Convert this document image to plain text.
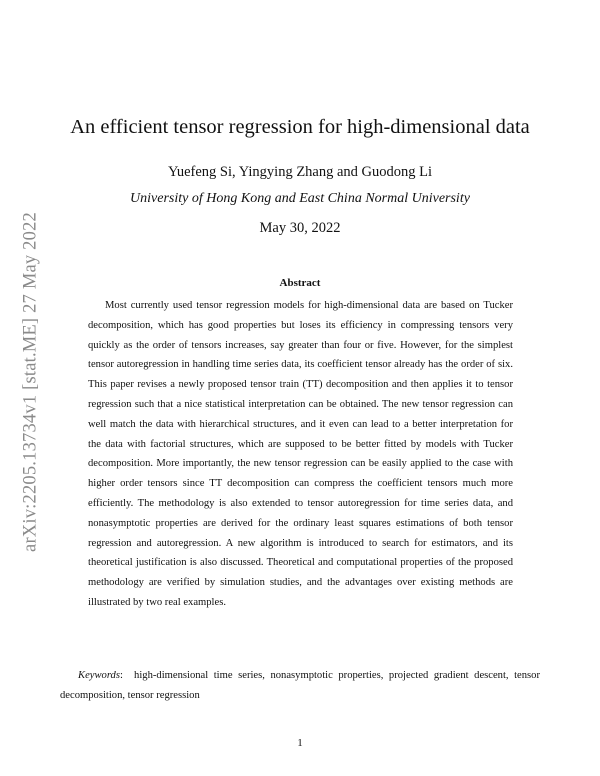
arXiv:2205.13734v1 [stat.ME] 27 May 2022
An efficient tensor regression for high-dimensional data
Yuefeng Si, Yingying Zhang and Guodong Li
University of Hong Kong and East China Normal University
May 30, 2022
Abstract

Most currently used tensor regression models for high-dimensional data are based on Tucker decomposition, which has good properties but loses its efficiency in compressing tensors very quickly as the order of tensors increases, say greater than four or five. However, for the simplest tensor autoregression in handling time series data, its coefficient tensor already has the order of six. This paper revises a newly proposed tensor train (TT) decomposition and then applies it to tensor regression such that a nice statistical interpretation can be obtained. The new tensor regression can well match the data with hierarchical structures, and it even can lead to a better interpretation for the data with factorial structures, which are supposed to be better fitted by models with Tucker decomposition. More importantly, the new tensor regression can be easily applied to the case with higher order tensors since TT decomposition can compress the coefficient tensors much more efficiently. The methodology is also extended to tensor autoregression for time series data, and nonasymptotic properties are derived for the ordinary least squares estimations of both tensor regression and autoregression. A new algorithm is introduced to search for estimators, and its theoretical justification is also discussed. Theoretical and computational properties of the proposed methodology are verified by simulation studies, and the advantages over existing methods are illustrated by two real examples.

Keywords: high-dimensional time series, nonasymptotic properties, projected gradient descent, tensor decomposition, tensor regression

1
